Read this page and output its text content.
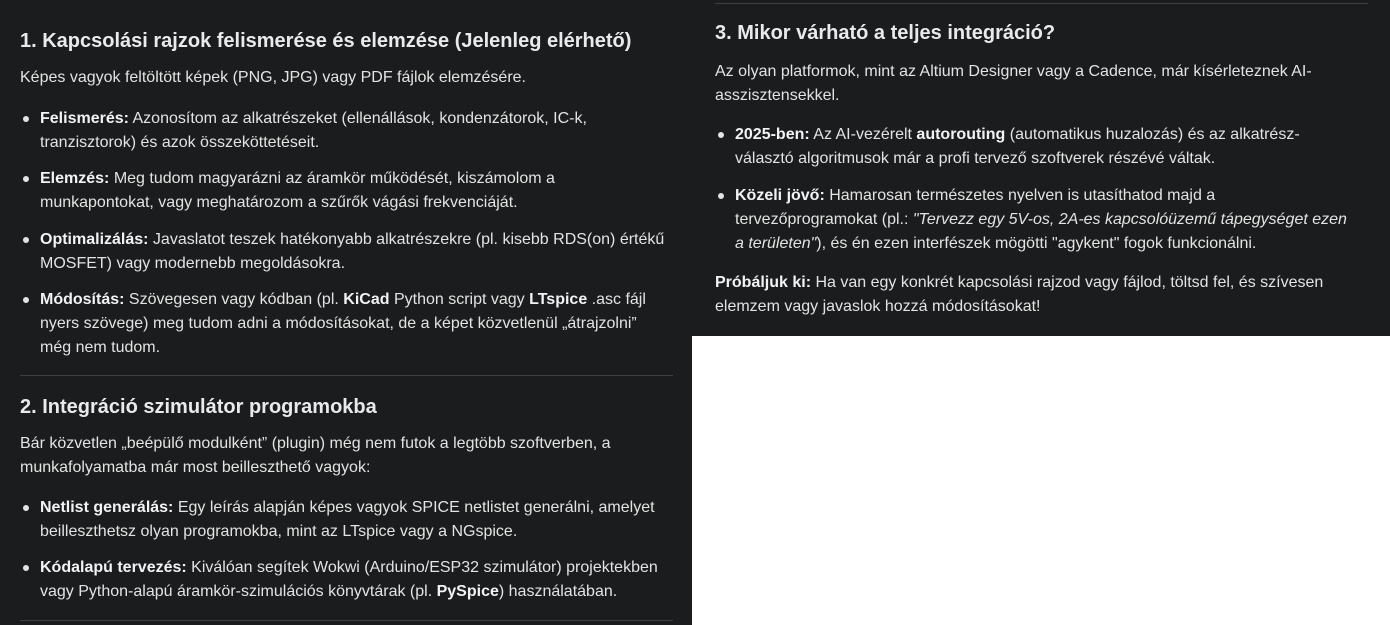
1. Kapcsolási rajzok felismerése és elemzése (Jelenleg elérhető)

Képes vagyok feltöltött képek (PNG, JPG) vagy PDF fájlok elemzésére.

Felismerés: Azonosítom az alkatrészeket (ellenállások, kondenzátorok, IC-k,
tranzisztorok) és azok összeköttetéseit.
Elemzés: Meg tudom magyarázni az áramkör működését, kiszámolom a
munkapontokat, vagy meghatározom a szűrők vágási frekvenciáját.
Optimalizálás: Javaslatot teszek hatékonyabb alkatrészekre (pl. kisebb RDS(on) értékű
MOSFET) vagy modernebb megoldásokra.
Módosítás: Szövegesen vagy kódban (pl. KiCad Python script vagy LTspice .asc fájl
nyers szövege) meg tudom adni a módosításokat, de a képet közvetlenül „átrajzolni”
még nem tudom.
2. Integráció szimulátor programokba

Bár közvetlen „beépülő modulként” (plugin) még nem futok a legtöbb szoftverben, a

munkafolyamatba már most beilleszthető vagyok:

Netlist generálás: Egy leírás alapján képes vagyok SPICE netlistet generálni, amelyet
beilleszthetsz olyan programokba, mint az LTspice vagy a NGspice.
Kódalapú tervezés: Kiválóan segítek Wokwi (Arduino/ESP32 szimulátor) projektekben
vagy Python-alapú áramkör-szimulációs könyvtárak (pl. PySpice) használatában.
3. Mikor várható a teljes integráció?

Az olyan platformok, mint az Altium Designer vagy a Cadence, már kísérleteznek AI-

asszisztensekkel.

2025-ben: Az AI-vezérelt autorouting (automatikus huzalozás) és az alkatrész-
választó algoritmusok már a profi tervező szoftverek részévé váltak.
Közeli jövő: Hamarosan természetes nyelven is utasíthatod majd a
tervezőprogramokat (pl.: "Tervezz egy 5V-os, 2A-es kapcsolóüzemű tápegységet ezen
a területen"), és én ezen interfészek mögötti "agykent" fogok funkcionálni.

Próbáljuk ki: Ha van egy konkrét kapcsolási rajzod vagy fájlod, töltsd fel, és szívesen

elemzem vagy javaslok hozzá módosításokat!
